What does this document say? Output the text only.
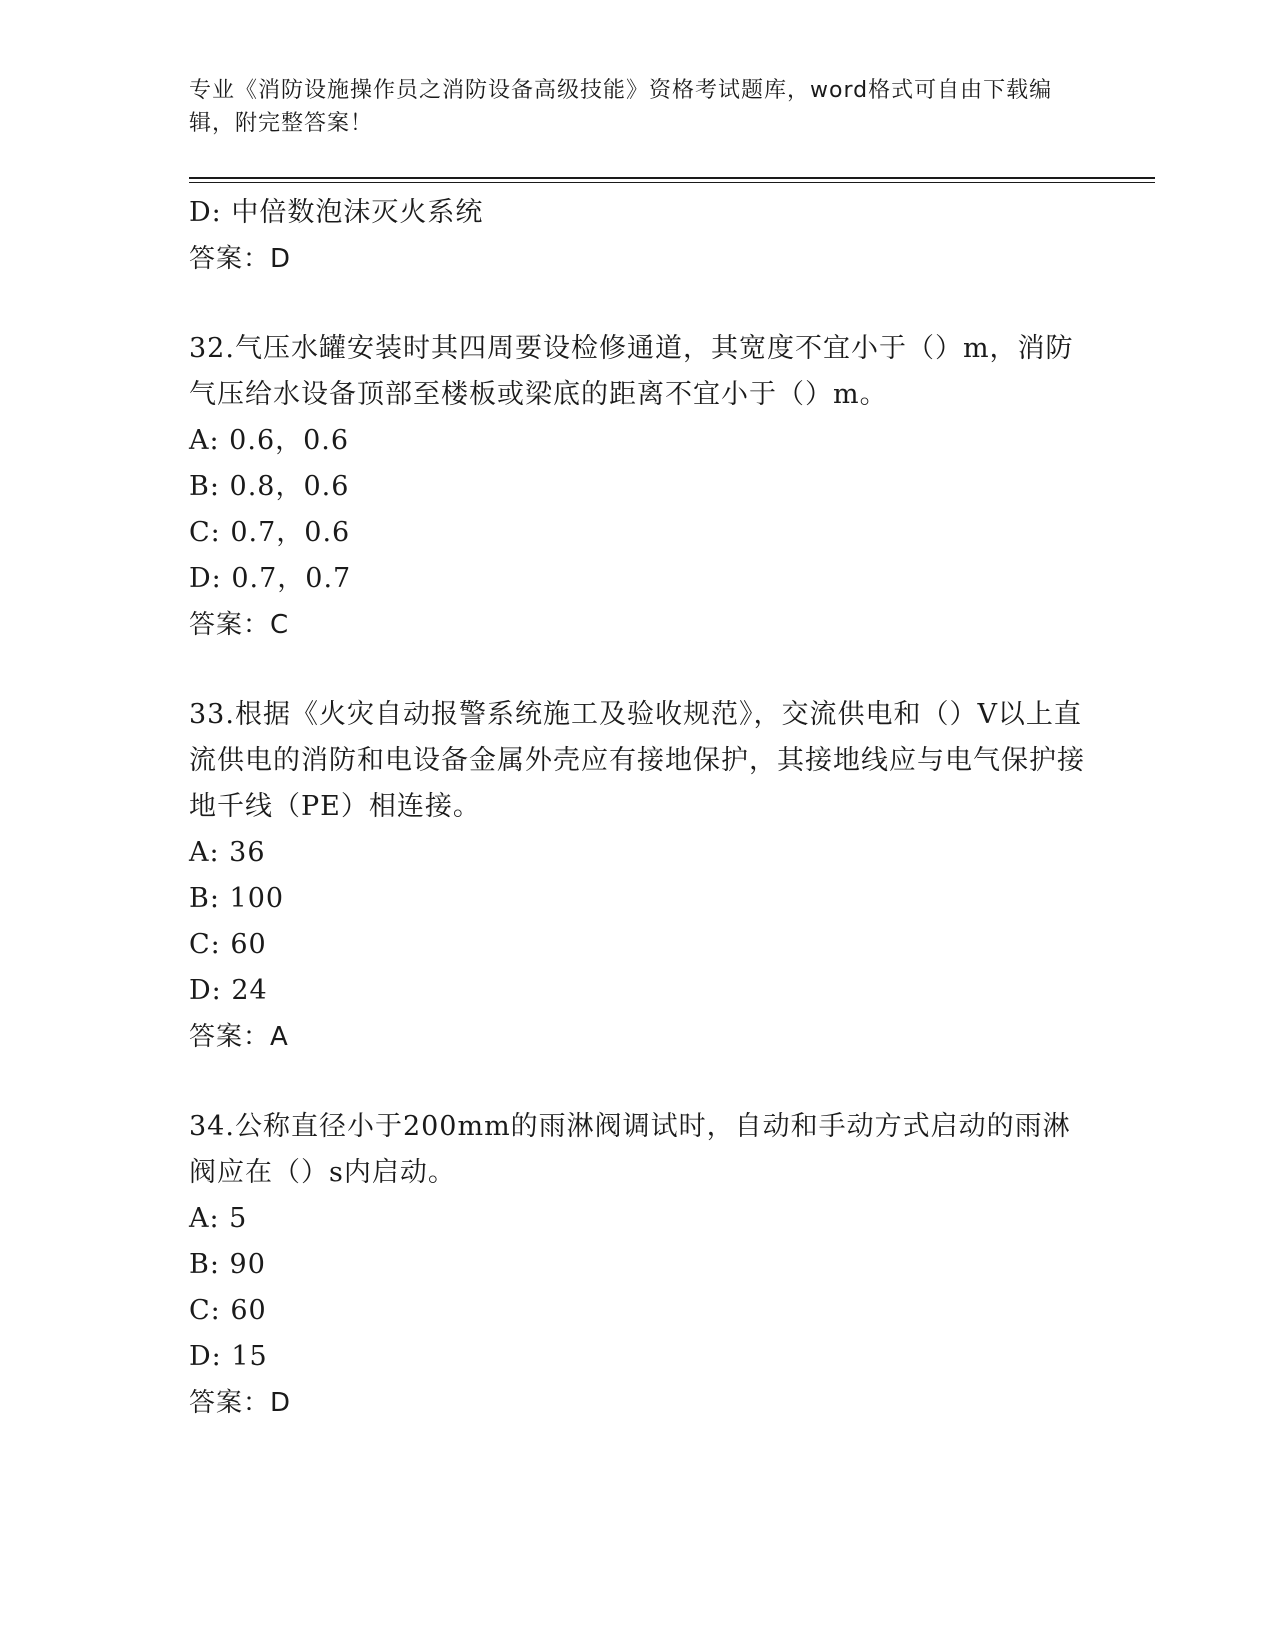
专业《消防设施操作员之消防设备高级技能》资格考试题库，word格式可自由下载编辑，附完整答案！
D: 中倍数泡沫灭火系统
答案：D
32.气压水罐安装时其四周要设检修通道，其宽度不宜小于（）m，消防气压给水设备顶部至楼板或梁底的距离不宜小于（）m。
A: 0.6，0.6
B: 0.8，0.6
C: 0.7，0.6
D: 0.7，0.7
答案：C
33.根据《火灾自动报警系统施工及验收规范》，交流供电和（）V以上直流供电的消防和电设备金属外壳应有接地保护，其接地线应与电气保护接地千线（PE）相连接。
A: 36
B: 100
C: 60
D: 24
答案：A
34.公称直径小于200mm的雨淋阀调试时，自动和手动方式启动的雨淋阀应在（）s内启动。
A: 5
B: 90
C: 60
D: 15
答案：D
